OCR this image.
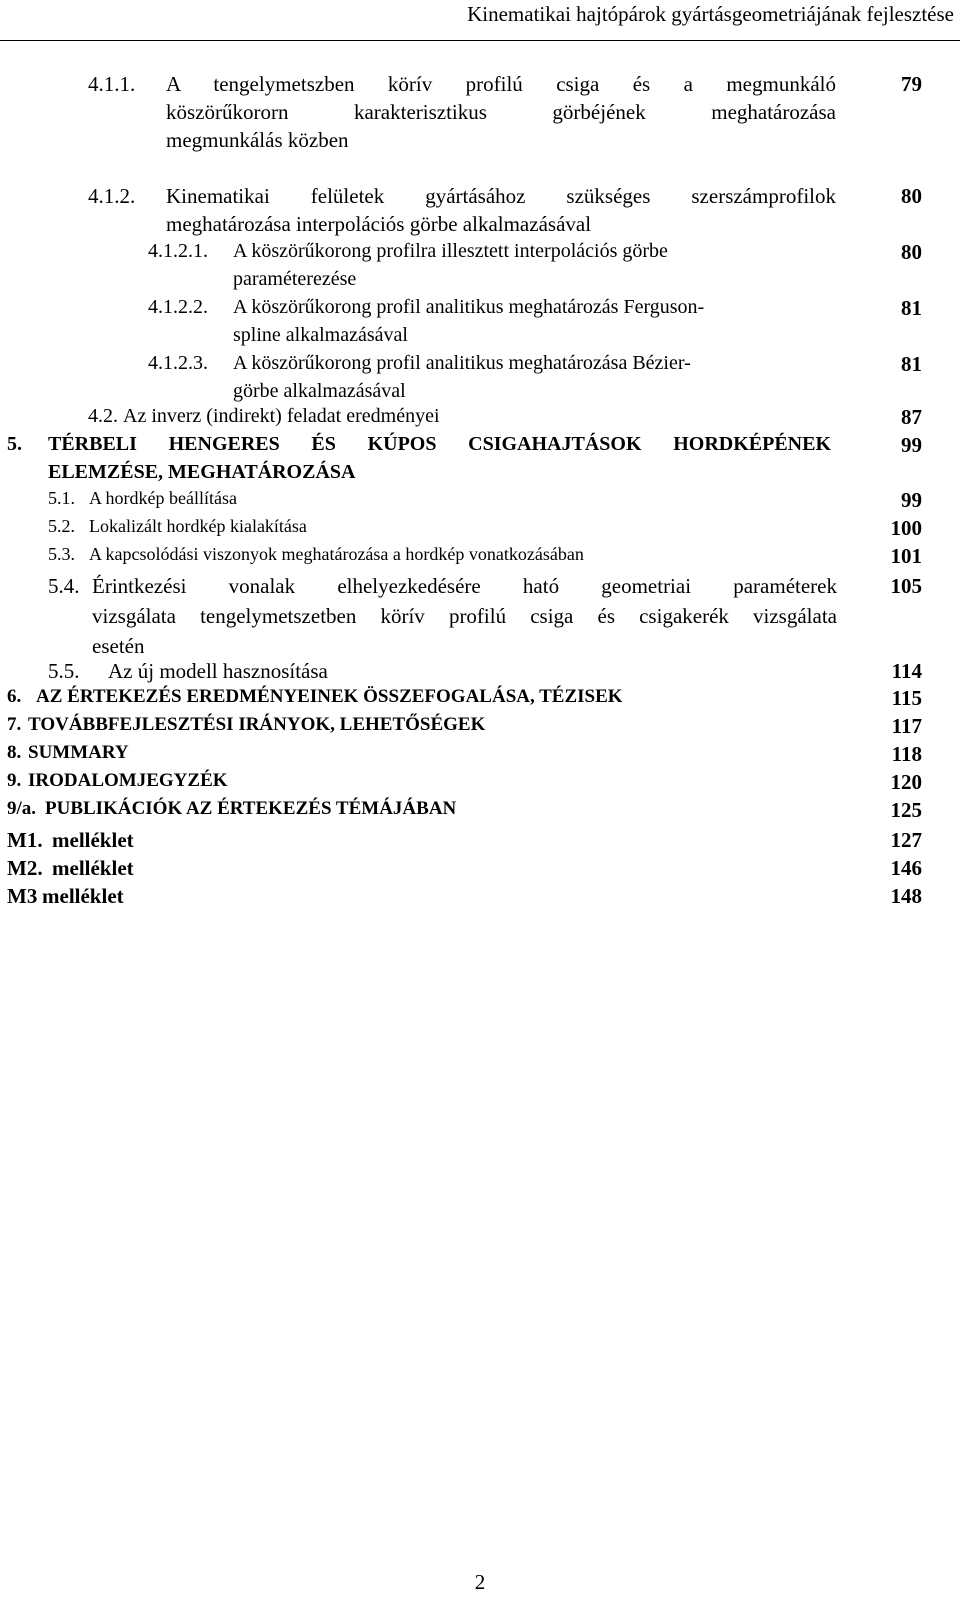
Kinematikai hajtópárok gyártásgeometriájának fejlesztése
4.1.1. A tengelymetszben körív profilú csiga és a megmunkáló
köszörűkororn karakterisztikus görbéjének meghatározása
megmunkálás közben
79
4.1.2. Kinematikai felületek gyártásához szükséges szerszámprofilok
meghatározása interpolációs görbe alkalmazásával
80
4.1.2.1. A köszörűkorong profilra illesztett interpolációs görbe
paraméterezése
80
4.1.2.2. A köszörűkorong profil analitikus meghatározás Ferguson-
spline alkalmazásával
81
4.1.2.3. A köszörűkorong profil analitikus meghatározása Bézier-
görbe alkalmazásával
81
4.2. Az inverz (indirekt) feladat eredményei	87
5. TÉRBELI HENGERES ÉS KÚPOS CSIGAHAJTÁSOK HORDKÉPÉNEK
ELEMZÉSE, MEGHATÁROZÁSA
99
5.1. A hordkép beállítása	99
5.2. Lokalizált hordkép kialakítása	100
5.3. A kapcsolódási viszonyok meghatározása a hordkép vonatkozásában	101
5.4. Érintkezési vonalak elhelyezkedésére ható geometriai paraméterek
vizsgálata tengelymetszetben körív profilú csiga és csigakerék vizsgálata
esetén
105
5.5. Az új modell hasznosítása	114
6. AZ ÉRTEKEZÉS EREDMÉNYEINEK ÖSSZEFOGALÁSA, TÉZISEK	115
7. TOVÁBBFEJLESZTÉSI IRÁNYOK, LEHETŐSÉGEK	117
8. SUMMARY	118
9. IRODALOMJEGYZÉK	120
9/a. PUBLIKÁCIÓK AZ ÉRTEKEZÉS TÉMÁJÁBAN	125
M1. melléklet	127
M2. melléklet	146
M3 melléklet	148
2
